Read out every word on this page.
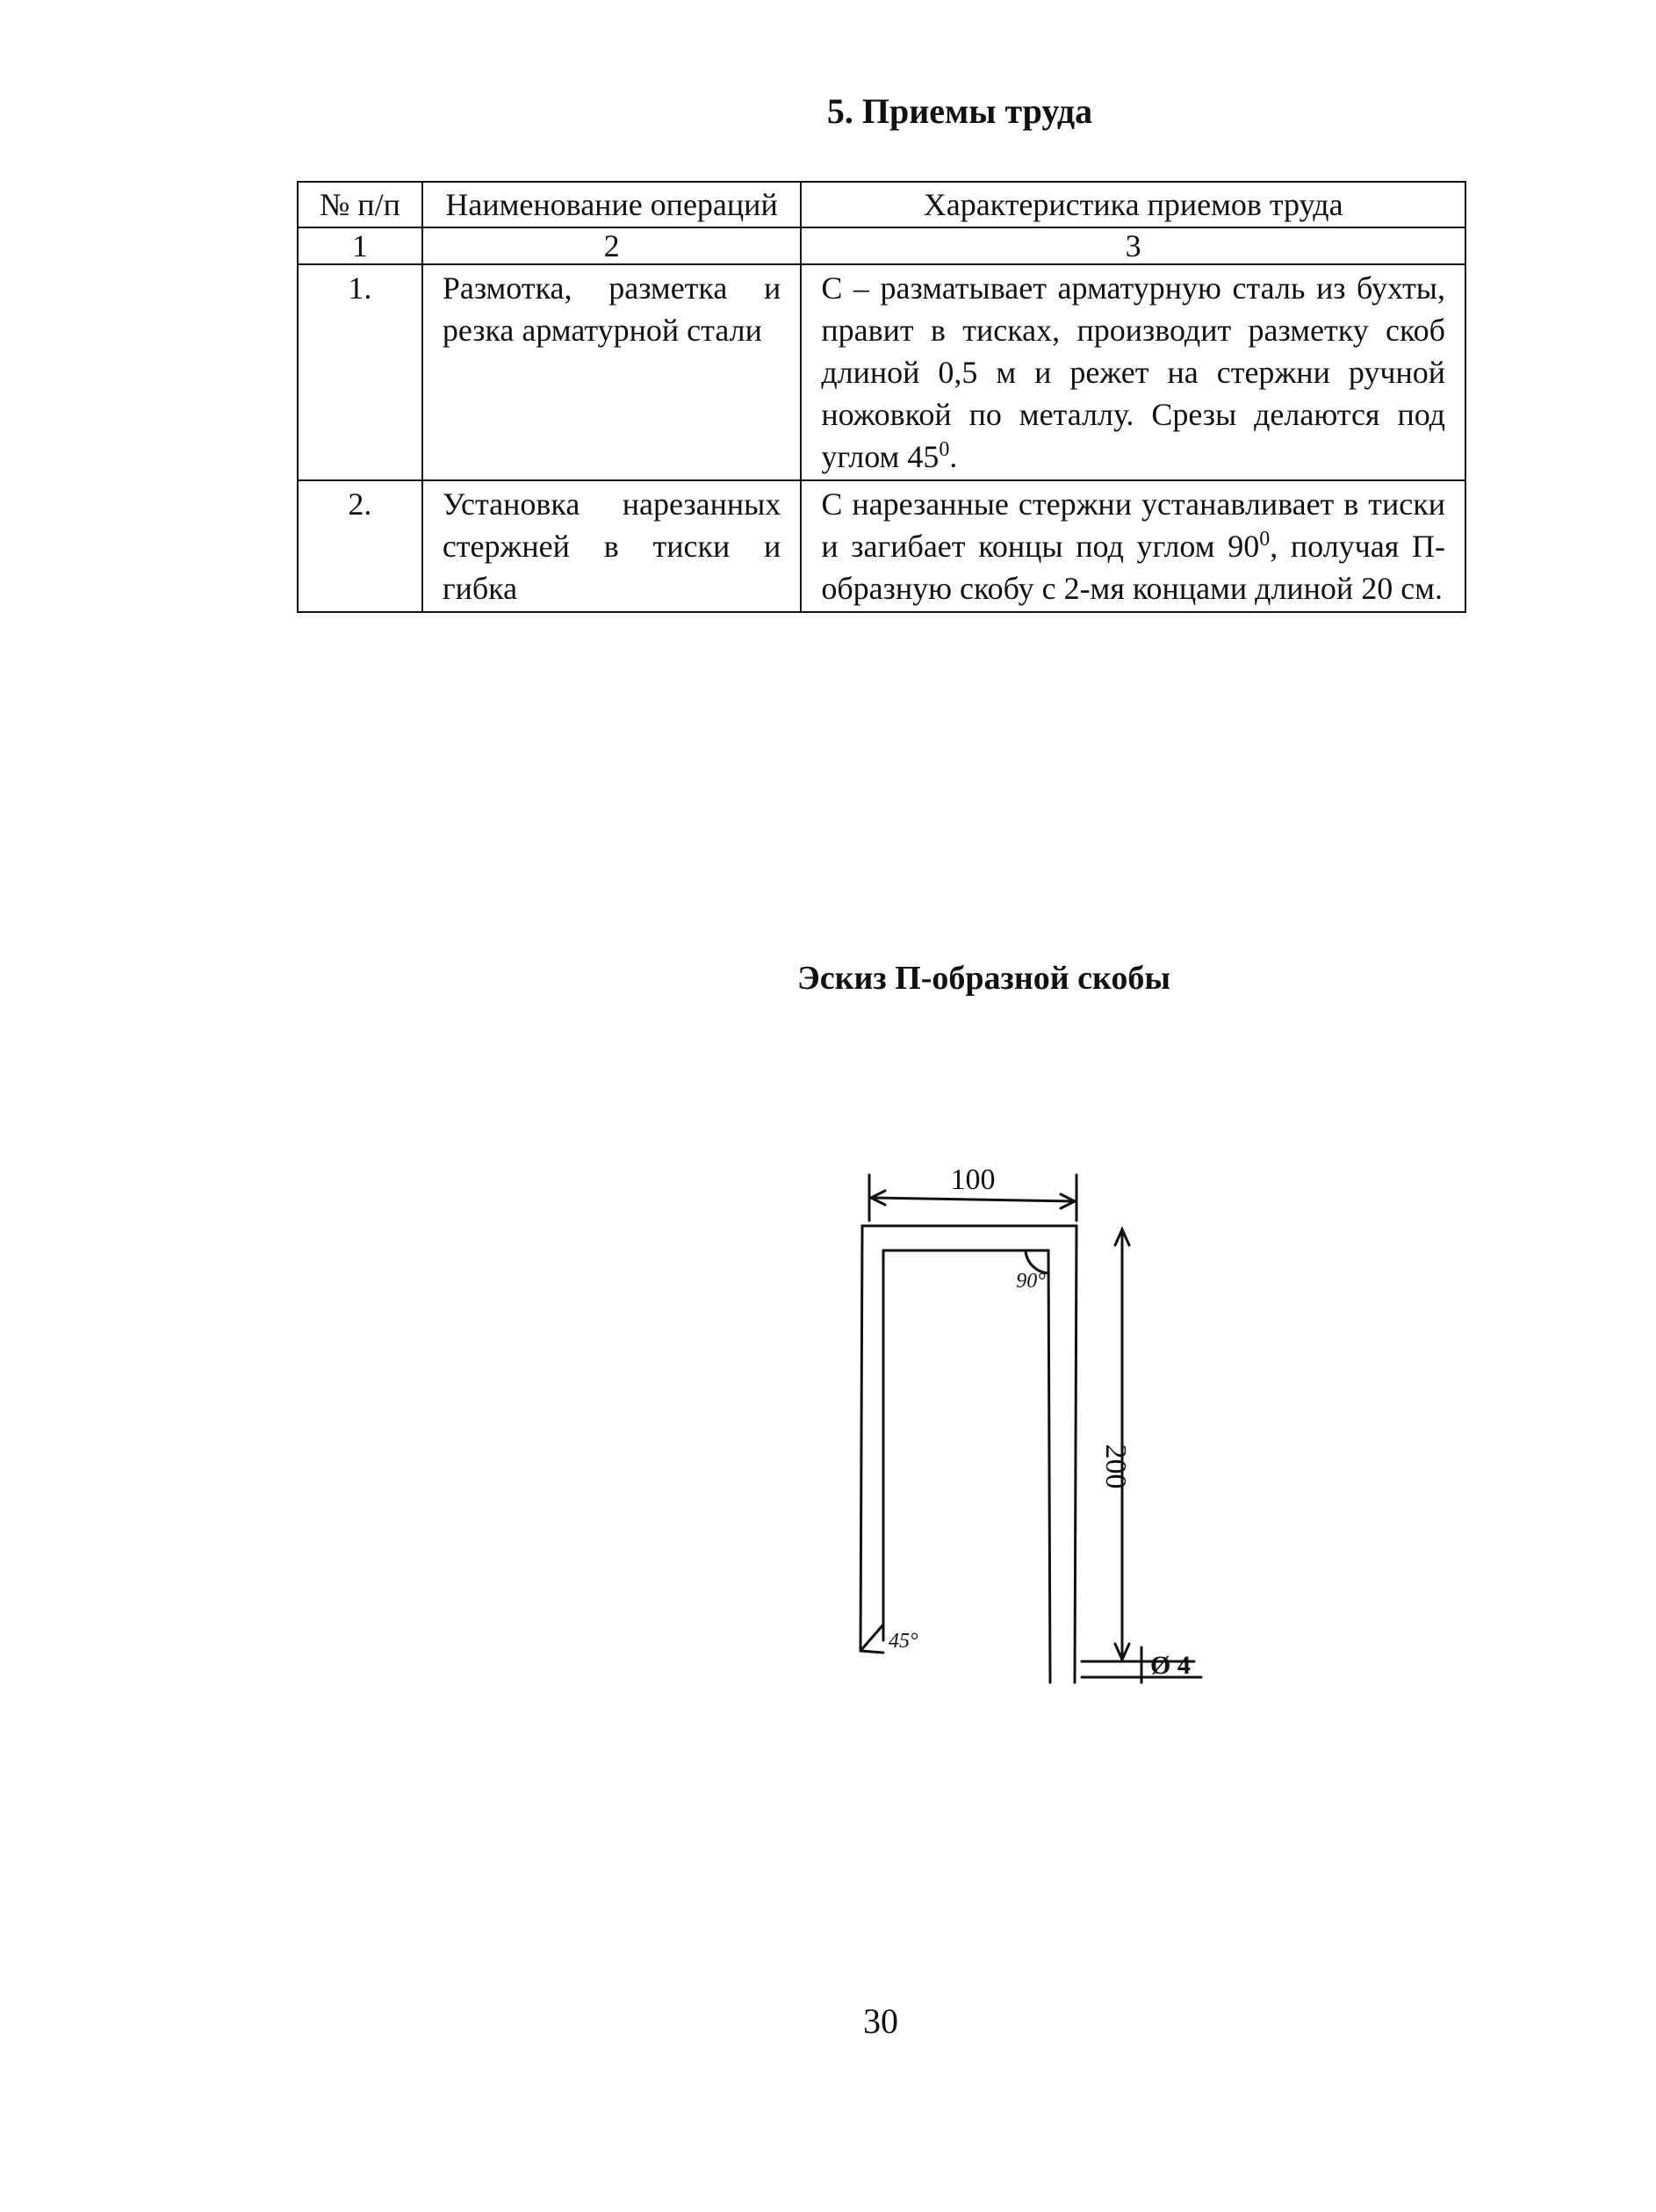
5. Приемы труда
№ п/п	Наименование операций	Характеристика приемов труда
1	2	3
1.	Размотка, разметка и резка арматурной стали	С – разматывает арматурную сталь из бухты, правит в тисках, производит разметку скоб длиной 0,5 м и режет на стержни ручной ножовкой по металлу. Срезы делаются под углом $45^0$.
2.	Установка нарезанных стержней в тиски и гибка	С нарезанные стержни устанавливает в тиски и загибает концы под углом $90^0$, получая П-образную скобу с 2-мя концами длиной 20 см.
Эскиз П-образной скобы
100
90°
200
45°
Ø 4
30
